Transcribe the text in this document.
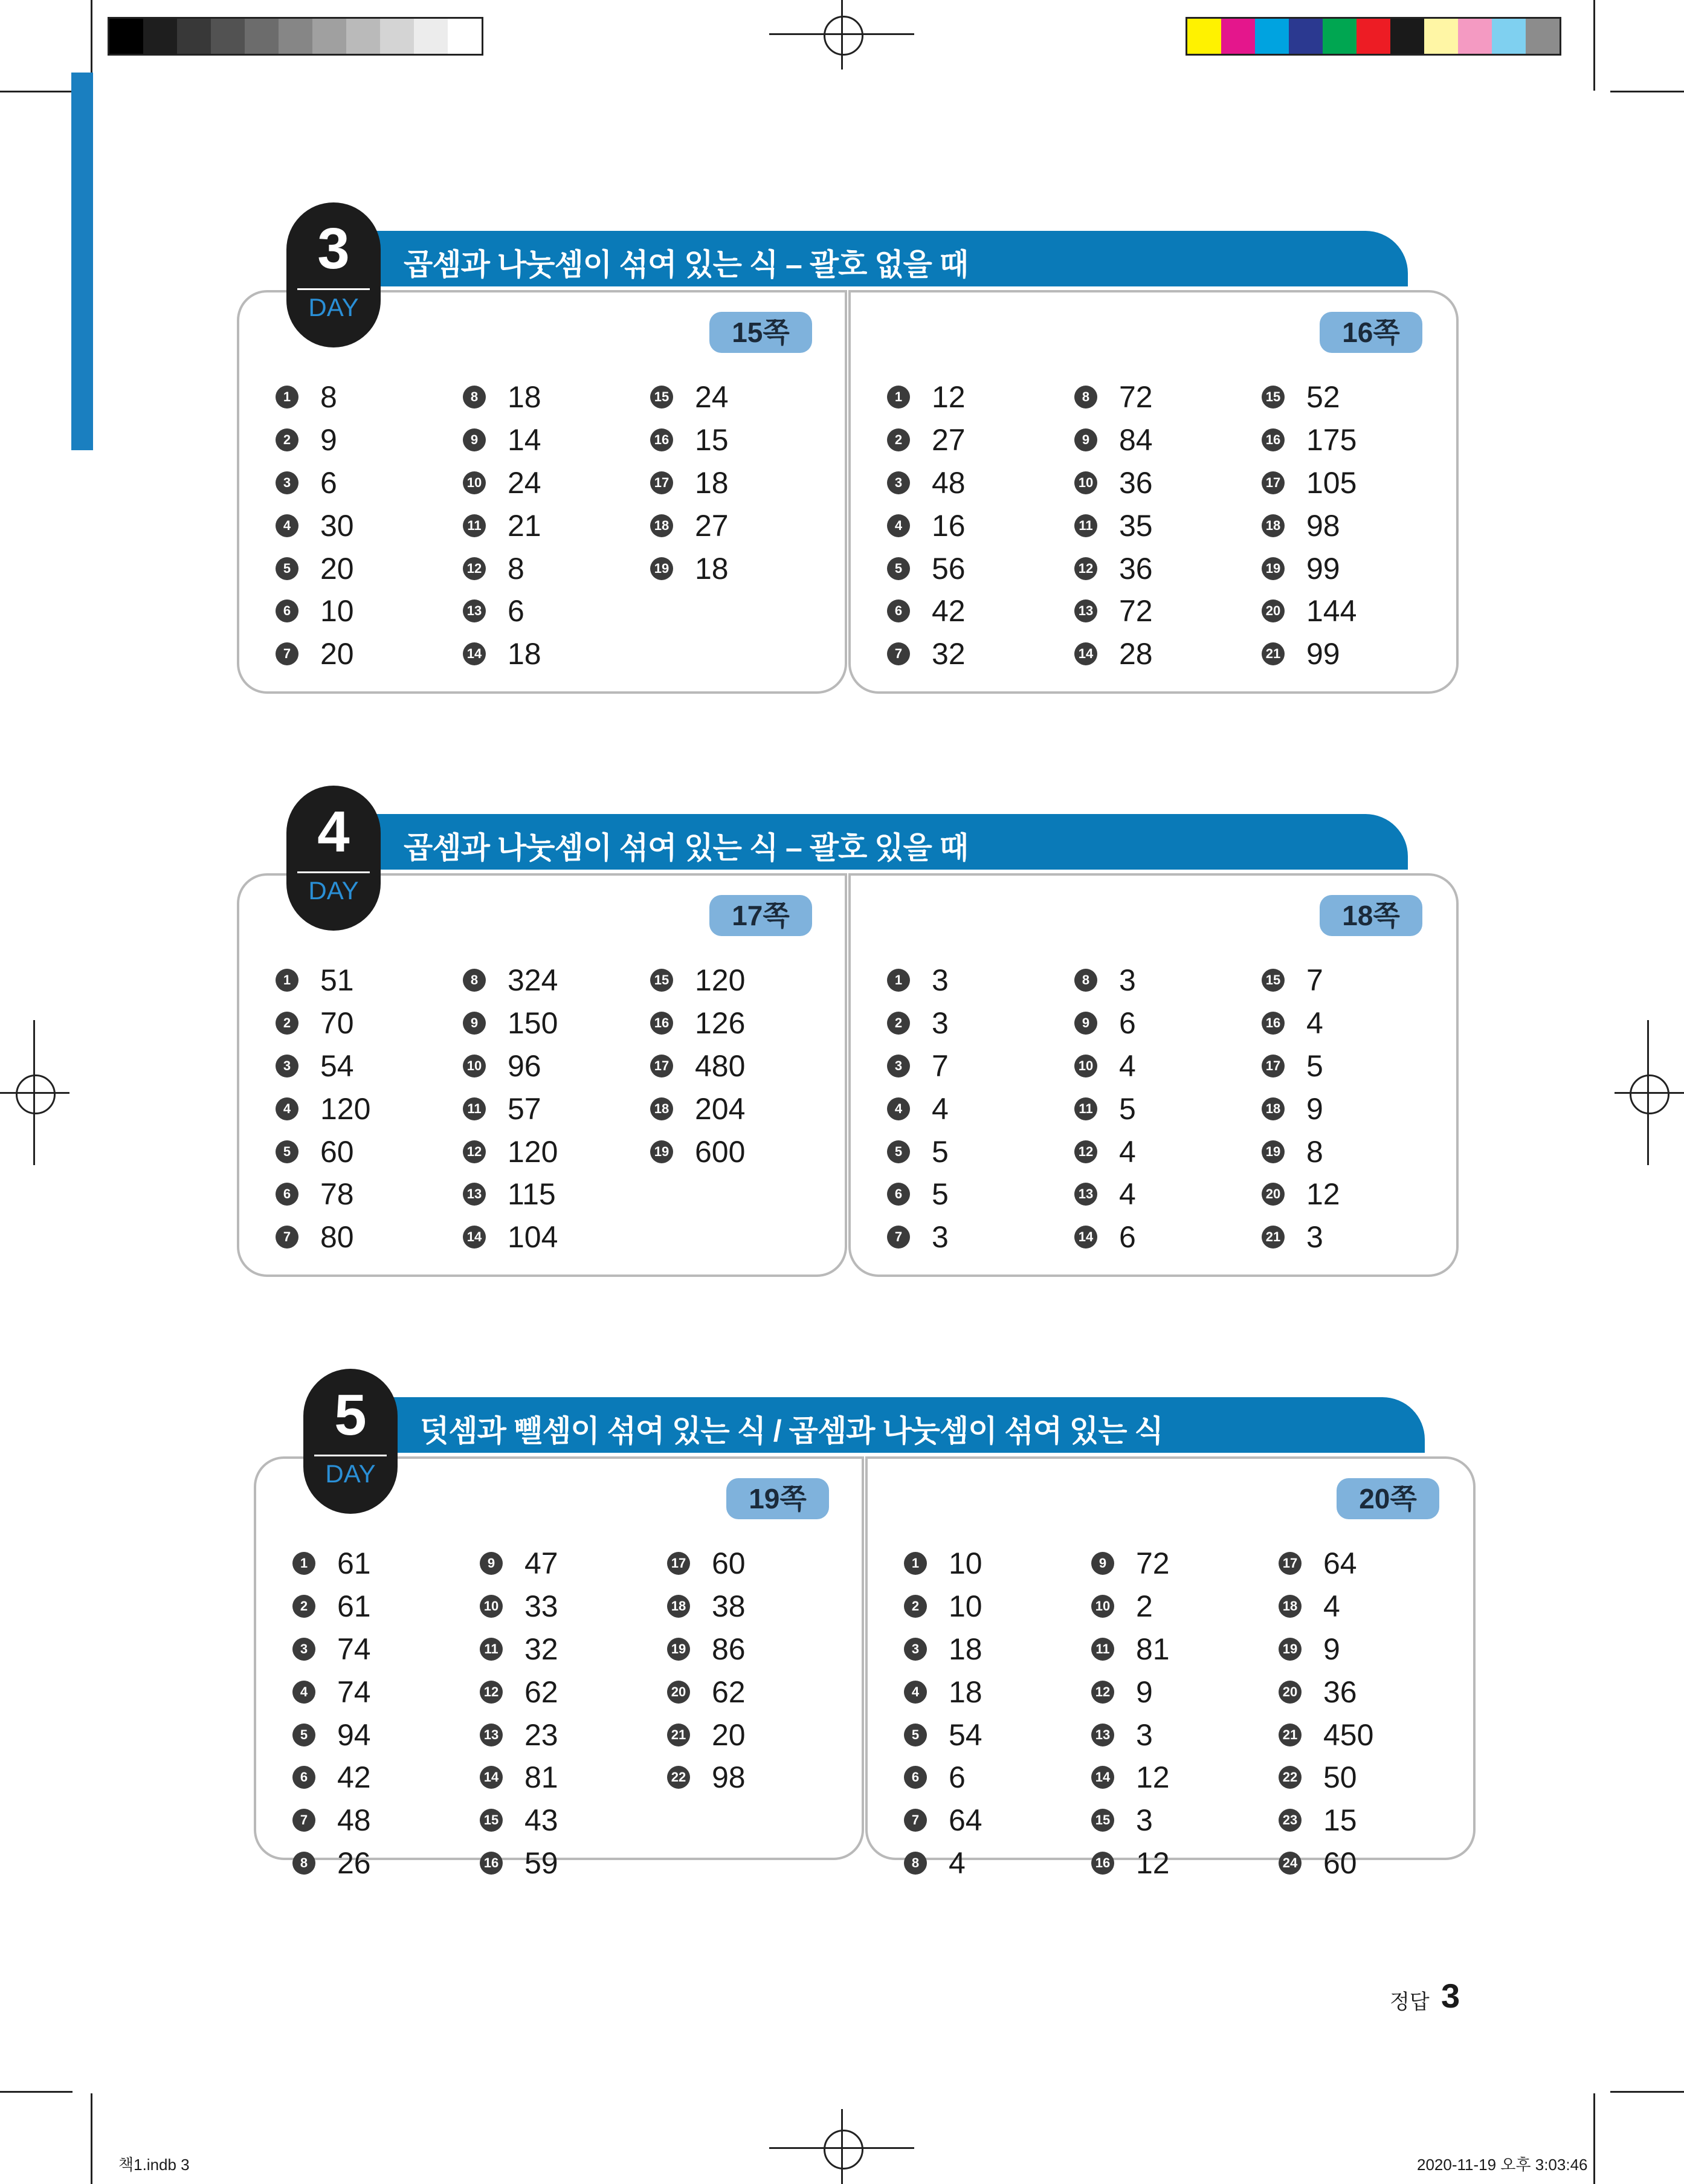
곱셈과 나눗셈이 섞여 있는 식 – 괄호 없을 때
15쪽
1 8
2 9
3 6
4 30
5 20
6 10
7 20
8 18
9 14
10 24
11 21
12 8
13 6
14 18
15 24
16 15
17 18
18 27
19 18
16쪽
1 12
2 27
3 48
4 16
5 56
6 42
7 32
8 72
9 84
10 36
11 35
12 36
13 72
14 28
15 52
16 175
17 105
18 98
19 99
20 144
21 99
3
DAY
곱셈과 나눗셈이 섞여 있는 식 – 괄호 있을 때
17쪽
1 51
2 70
3 54
4 120
5 60
6 78
7 80
8 324
9 150
10 96
11 57
12 120
13 115
14 104
15 120
16 126
17 480
18 204
19 600
18쪽
1 3
2 3
3 7
4 4
5 5
6 5
7 3
8 3
9 6
10 4
11 5
12 4
13 4
14 6
15 7
16 4
17 5
18 9
19 8
20 12
21 3
4
DAY
덧셈과 뺄셈이 섞여 있는 식 / 곱셈과 나눗셈이 섞여 있는 식
19쪽
1 61
2 61
3 74
4 74
5 94
6 42
7 48
8 26
9 47
10 33
11 32
12 62
13 23
14 81
15 43
16 59
17 60
18 38
19 86
20 62
21 20
22 98
20쪽
1 10
2 10
3 18
4 18
5 54
6 6
7 64
8 4
9 72
10 2
11 81
12 9
13 3
14 12
15 3
16 12
17 64
18 4
19 9
20 36
21 450
22 50
23 15
24 60
5
DAY
정답 3
책1.indb 3	2020-11-19 오후 3:03:46
